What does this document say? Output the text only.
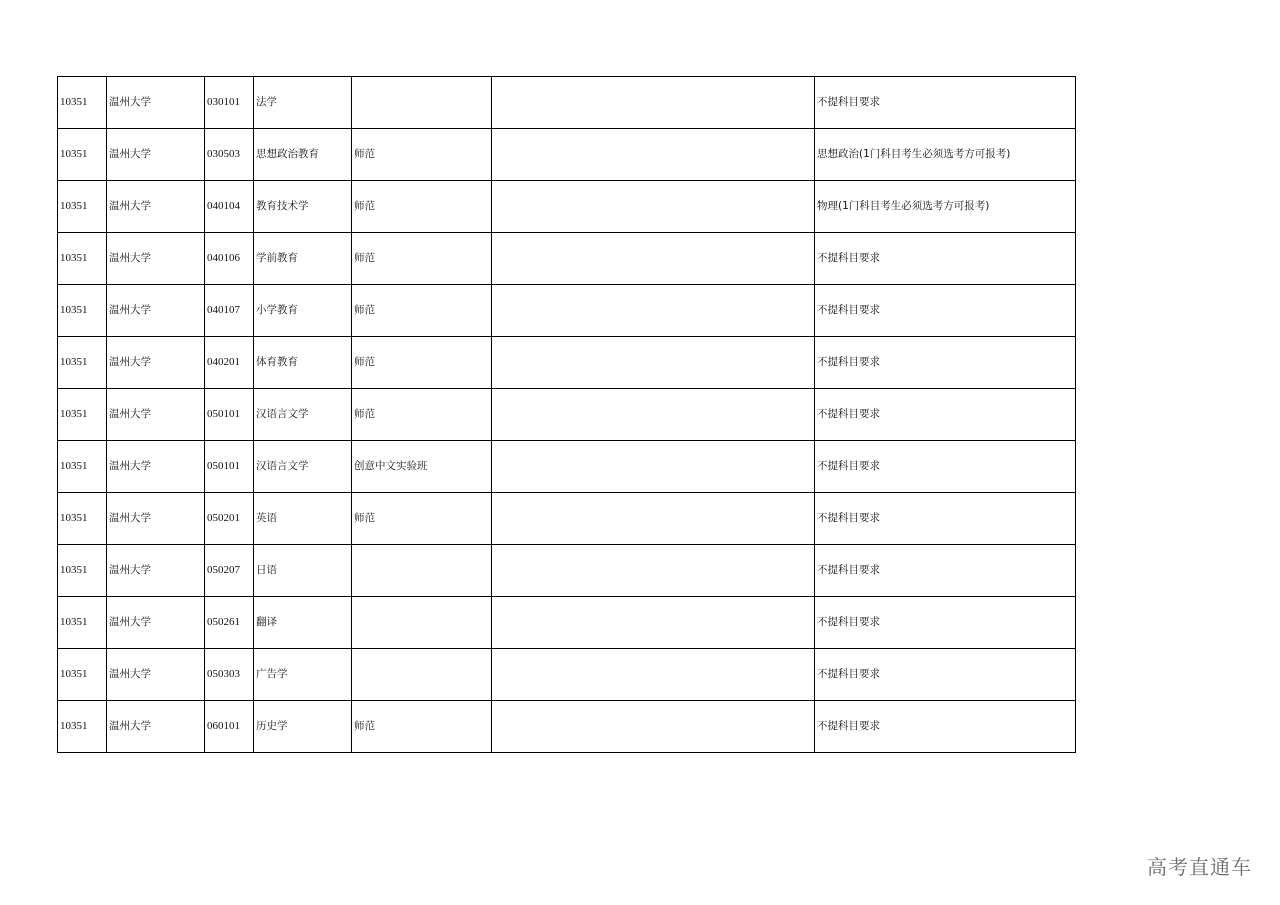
10351	温州大学	030101	法学			不提科目要求
10351	温州大学	030503	思想政治教育	师范		思想政治(1门科目考生必须选考方可报考)
10351	温州大学	040104	教育技术学	师范		物理(1门科目考生必须选考方可报考)
10351	温州大学	040106	学前教育	师范		不提科目要求
10351	温州大学	040107	小学教育	师范		不提科目要求
10351	温州大学	040201	体育教育	师范		不提科目要求
10351	温州大学	050101	汉语言文学	师范		不提科目要求
10351	温州大学	050101	汉语言文学	创意中文实验班		不提科目要求
10351	温州大学	050201	英语	师范		不提科目要求
10351	温州大学	050207	日语			不提科目要求
10351	温州大学	050261	翻译			不提科目要求
10351	温州大学	050303	广告学			不提科目要求
10351	温州大学	060101	历史学	师范		不提科目要求
高考直通车
